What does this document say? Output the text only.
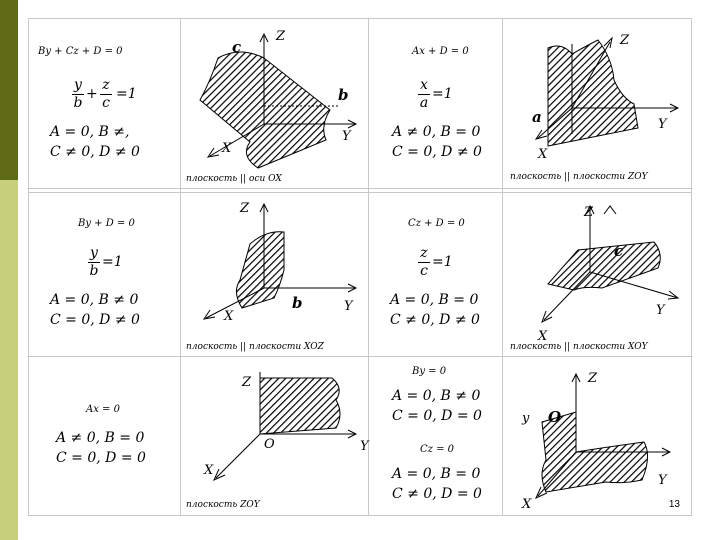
By + Cz + D = 0
y
b
+
z
c
=1
A = 0, B ≠,
C ≠ 0, D ≠ 0
Z
Y
X
c
b
плоскость || оси OX
Ax + D = 0
x
a
=1
A ≠ 0, B = 0
C = 0, D ≠ 0
Z
Y
X
a
плоскость || плоскости ZOY
By + D = 0
y
b
=1
A = 0, B ≠ 0
C = 0, D ≠ 0
Z
Y
X
b
плоскость || плоскости XOZ
Cz + D = 0
z
c
=1
A = 0, B = 0
C ≠ 0, D ≠ 0
Z
Y
X
c
плоскость || плоскости XOY
Ax = 0
A ≠ 0, B = 0
C = 0, D = 0
Z
Y
X
O
плоскость ZOY
By = 0
A = 0, B ≠ 0
C = 0, D = 0
Cz = 0
A = 0, B = 0
C ≠ 0, D = 0
Z
Y
X
y O
13
